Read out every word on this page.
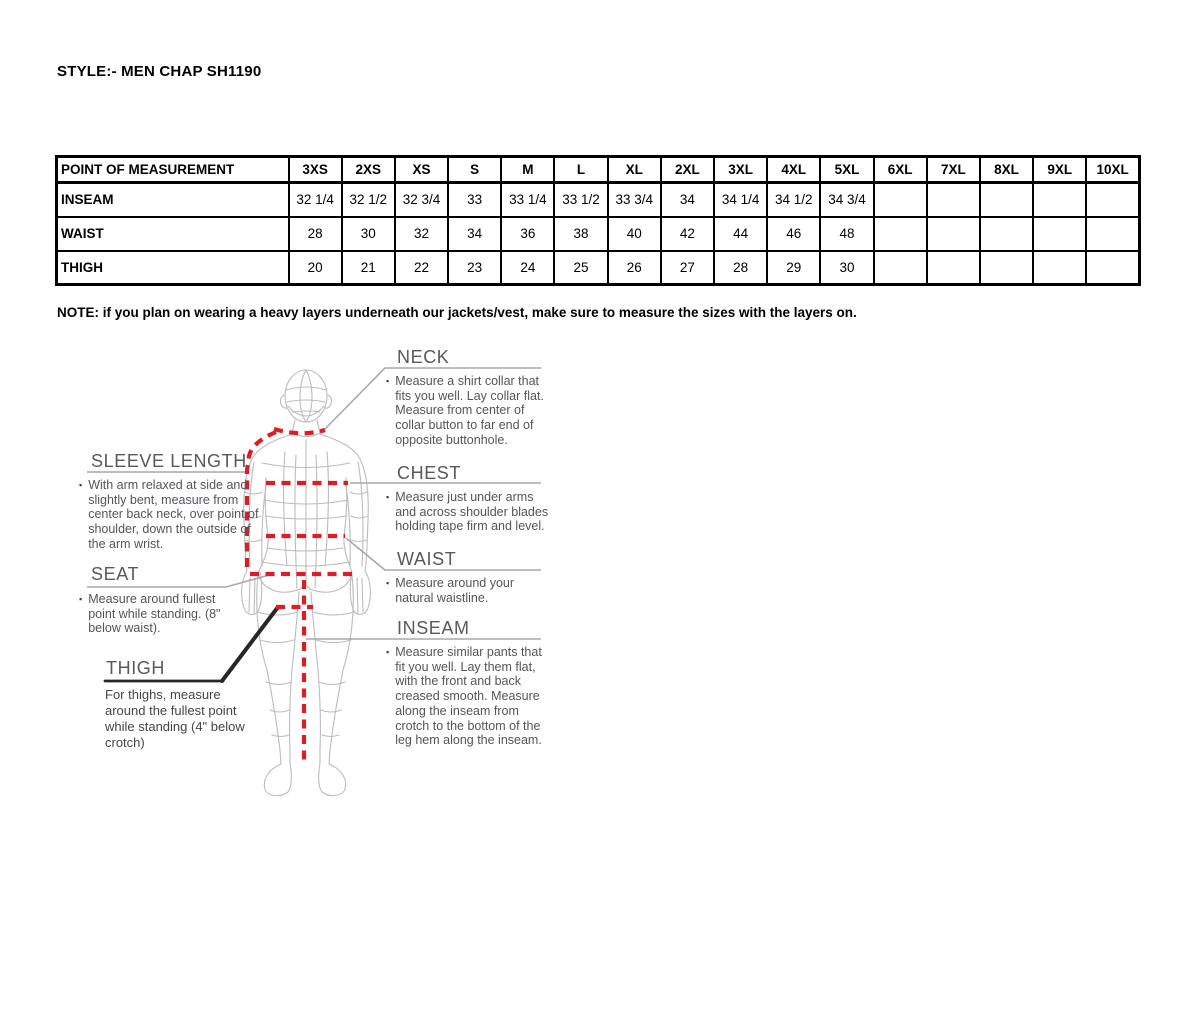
STYLE:- MEN CHAP SH1190
POINT OF MEASUREMENT	3XS	2XS	XS	S	M	L	XL	2XL	3XL	4XL	5XL	6XL	7XL	8XL	9XL	10XL
INSEAM	32 1/4	32 1/2	32 3/4	33	33 1/4	33 1/2	33 3/4	34	34 1/4	34 1/2	34 3/4					
WAIST	28	30	32	34	36	38	40	42	44	46	48					
THIGH	20	21	22	23	24	25	26	27	28	29	30					
NOTE: if you plan on wearing a heavy layers underneath our jackets/vest, make sure to measure the sizes with the layers on.
NECK
CHEST
WAIST
INSEAM
SLEEVE LENGTH
SEAT
THIGH
▪ Measure a shirt collar that fits you well. Lay collar flat. Measure from center of collar button to far end of opposite buttonhole.
▪ Measure just under arms and across shoulder blades holding tape firm and level.
▪ Measure around your natural waistline.
▪ Measure similar pants that fit you well. Lay them flat, with the front and back creased smooth. Measure along the inseam from crotch to the bottom of the leg hem along the inseam.
▪ With arm relaxed at side and slightly bent, measure from center back neck, over point of shoulder, down the outside of the arm wrist.
▪ Measure around fullest point while standing. (8" below waist).
For thighs, measure around the fullest point while standing (4" below crotch)
